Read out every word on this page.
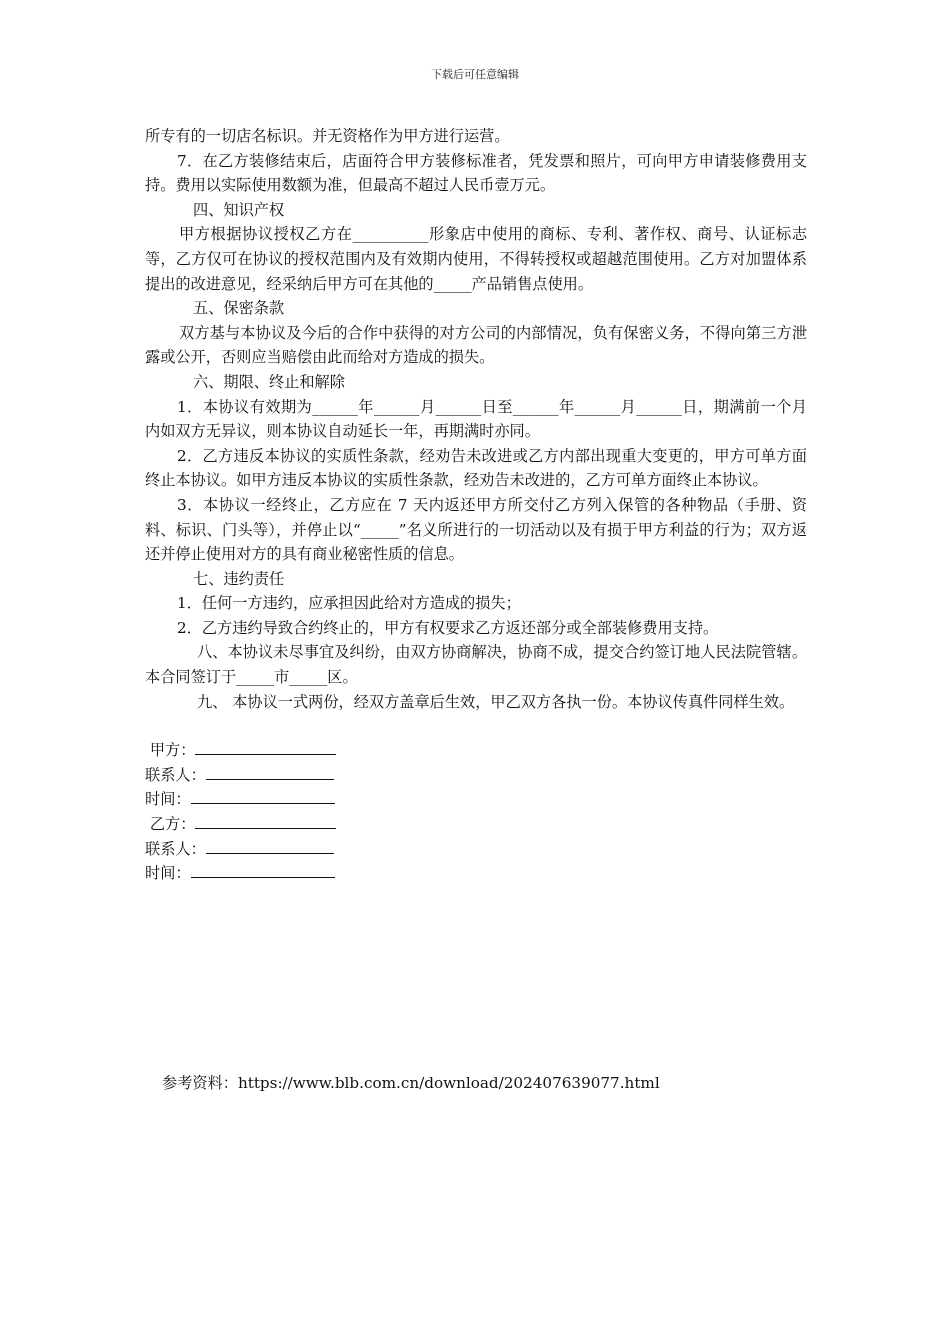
下载后可任意编辑

所专有的一切店名标识。并无资格作为甲方进行运营。

7．在乙方装修结束后，店面符合甲方装修标准者，凭发票和照片，可向甲方申请装修费用支持。费用以实际使用数额为准，但最高不超过人民币壹万元。

四、知识产权

甲方根据协议授权乙方在__________形象店中使用的商标、专利、著作权、商号、认证标志等，乙方仅可在协议的授权范围内及有效期内使用，不得转授权或超越范围使用。乙方对加盟体系提出的改进意见，经采纳后甲方可在其他的_____产品销售点使用。

五、保密条款

双方基与本协议及今后的合作中获得的对方公司的内部情况，负有保密义务，不得向第三方泄露或公开，否则应当赔偿由此而给对方造成的损失。

六、期限、终止和解除

1．本协议有效期为______年______月______日至______年______月______日，期满前一个月内如双方无异议，则本协议自动延长一年，再期满时亦同。

2．乙方违反本协议的实质性条款，经劝告未改进或乙方内部出现重大变更的，甲方可单方面终止本协议。如甲方违反本协议的实质性条款，经劝告未改进的，乙方可单方面终止本协议。

3．本协议一经终止，乙方应在 7 天内返还甲方所交付乙方列入保管的各种物品（手册、资料、标识、门头等），并停止以“_____”名义所进行的一切活动以及有损于甲方利益的行为；双方返还并停止使用对方的具有商业秘密性质的信息。

七、违约责任

1．任何一方违约，应承担因此给对方造成的损失；

2．乙方违约导致合约终止的，甲方有权要求乙方返还部分或全部装修费用支持。

八、本协议未尽事宜及纠纷，由双方协商解决，协商不成，提交合约签订地人民法院管辖。本合同签订于_____市_____区。

九、 本协议一式两份，经双方盖章后生效，甲乙双方各执一份。本协议传真件同样生效。

甲方：

联系人：

时间：

乙方：

联系人：

时间：

参考资料：https://www.blb.com.cn/download/202407639077.html
